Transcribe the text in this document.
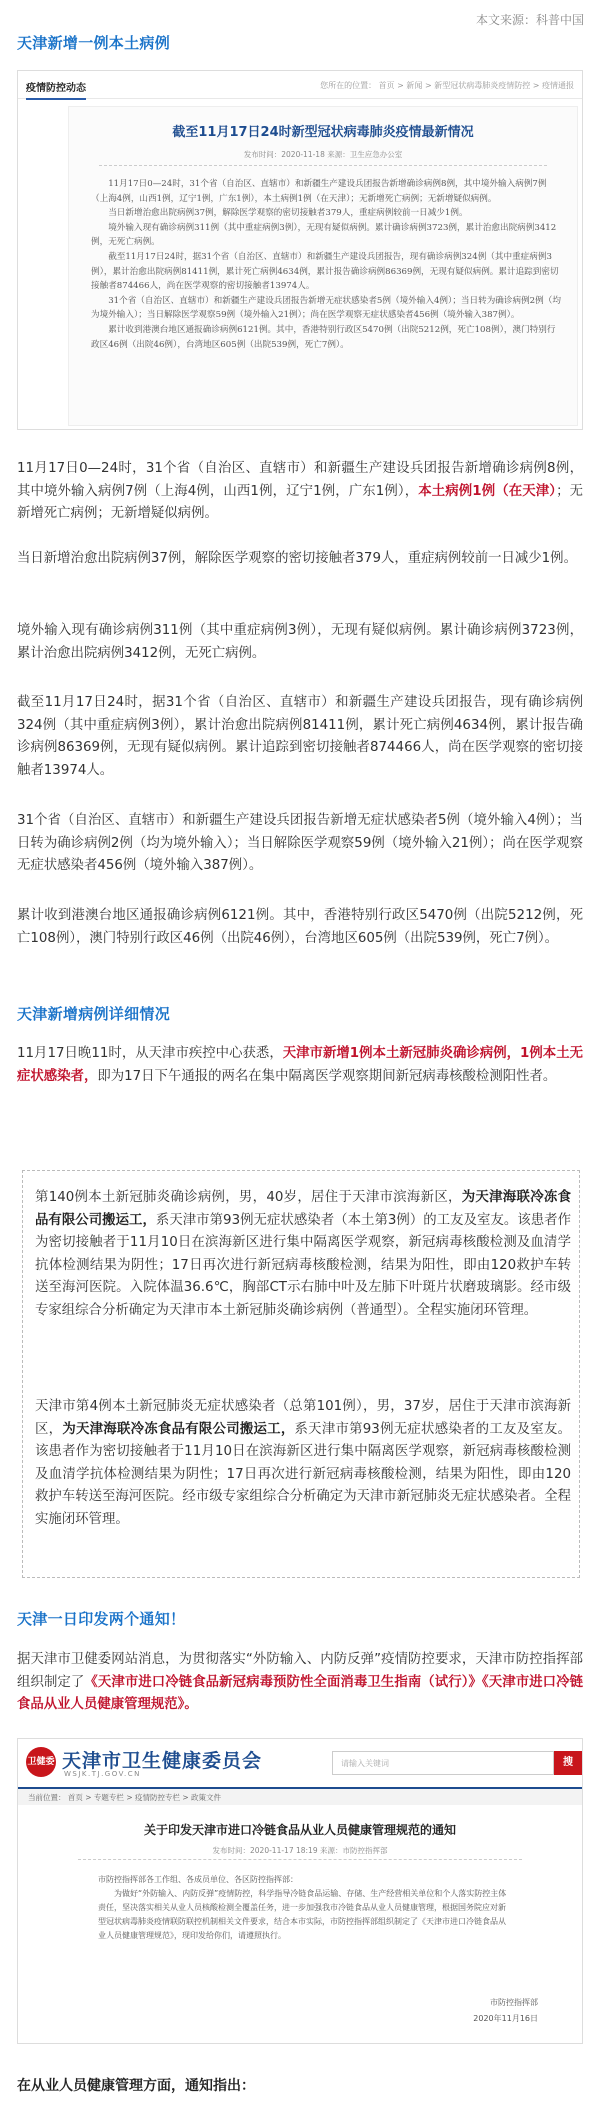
本文来源：科普中国
天津新增一例本土病例
疫情防控动态	您所在的位置： 首页 > 新闻 > 新型冠状病毒肺炎疫情防控 > 疫情通报
截至11月17日24时新型冠状病毒肺炎疫情最新情况
发布时间：2020-11-18 来源：卫生应急办公室

11月17日0—24时，31个省（自治区、直辖市）和新疆生产建设兵团报告新增确诊病例8例，其中境外输入病例7例（上海4例，山西1例，辽宁1例，广东1例），本土病例1例（在天津）；无新增死亡病例；无新增疑似病例。

当日新增治愈出院病例37例，解除医学观察的密切接触者379人，重症病例较前一日减少1例。

境外输入现有确诊病例311例（其中重症病例3例），无现有疑似病例。累计确诊病例3723例，累计治愈出院病例3412例，无死亡病例。

截至11月17日24时，据31个省（自治区、直辖市）和新疆生产建设兵团报告，现有确诊病例324例（其中重症病例3例），累计治愈出院病例81411例，累计死亡病例4634例，累计报告确诊病例86369例，无现有疑似病例。累计追踪到密切接触者874466人，尚在医学观察的密切接触者13974人。

31个省（自治区、直辖市）和新疆生产建设兵团报告新增无症状感染者5例（境外输入4例）；当日转为确诊病例2例（均为境外输入）；当日解除医学观察59例（境外输入21例）；尚在医学观察无症状感染者456例（境外输入387例）。

累计收到港澳台地区通报确诊病例6121例。其中，香港特别行政区5470例（出院5212例，死亡108例），澳门特别行政区46例（出院46例），台湾地区605例（出院539例，死亡7例）。

11月17日0—24时，31个省（自治区、直辖市）和新疆生产建设兵团报告新增确诊病例8例，其中境外输入病例7例（上海4例，山西1例，辽宁1例，广东1例），本土病例1例（在天津）；无新增死亡病例；无新增疑似病例。
当日新增治愈出院病例37例，解除医学观察的密切接触者379人，重症病例较前一日减少1例。
境外输入现有确诊病例311例（其中重症病例3例），无现有疑似病例。累计确诊病例3723例，累计治愈出院病例3412例，无死亡病例。
截至11月17日24时，据31个省（自治区、直辖市）和新疆生产建设兵团报告，现有确诊病例324例（其中重症病例3例），累计治愈出院病例81411例，累计死亡病例4634例，累计报告确诊病例86369例，无现有疑似病例。累计追踪到密切接触者874466人，尚在医学观察的密切接触者13974人。
31个省（自治区、直辖市）和新疆生产建设兵团报告新增无症状感染者5例（境外输入4例）；当日转为确诊病例2例（均为境外输入）；当日解除医学观察59例（境外输入21例）；尚在医学观察无症状感染者456例（境外输入387例）。
累计收到港澳台地区通报确诊病例6121例。其中，香港特别行政区5470例（出院5212例，死亡108例），澳门特别行政区46例（出院46例），台湾地区605例（出院539例，死亡7例）。
天津新增病例详细情况
11月17日晚11时，从天津市疾控中心获悉，天津市新增1例本土新冠肺炎确诊病例，1例本土无症状感染者，即为17日下午通报的两名在集中隔离医学观察期间新冠病毒核酸检测阳性者。
第140例本土新冠肺炎确诊病例，男，40岁，居住于天津市滨海新区，为天津海联冷冻食品有限公司搬运工，系天津市第93例无症状感染者（本土第3例）的工友及室友。该患者作为密切接触者于11月10日在滨海新区进行集中隔离医学观察，新冠病毒核酸检测及血清学抗体检测结果为阴性；17日再次进行新冠病毒核酸检测，结果为阳性，即由120救护车转送至海河医院。入院体温36.6℃，胸部CT示右肺中叶及左肺下叶斑片状磨玻璃影。经市级专家组综合分析确定为天津市本土新冠肺炎确诊病例（普通型）。全程实施闭环管理。
天津市第4例本土新冠肺炎无症状感染者（总第101例），男，37岁，居住于天津市滨海新区，为天津海联冷冻食品有限公司搬运工，系天津市第93例无症状感染者的工友及室友。该患者作为密切接触者于11月10日在滨海新区进行集中隔离医学观察，新冠病毒核酸检测及血清学抗体检测结果为阴性；17日再次进行新冠病毒核酸检测，结果为阳性，即由120救护车转送至海河医院。经市级专家组综合分析确定为天津市新冠肺炎无症状感染者。全程实施闭环管理。
天津一日印发两个通知！
据天津市卫健委网站消息，为贯彻落实“外防输入、内防反弹”疫情防控要求，天津市防控指挥部组织制定了《天津市进口冷链食品新冠病毒预防性全面消毒卫生指南（试行）》《天津市进口冷链食品从业人员健康管理规范》。
卫健委 天津市卫生健康委员会
WSJK.TJ.GOV.CN
请输入关键词	搜
当前位置： 首页 > 专题专栏 > 疫情防控专栏 > 政策文件
关于印发天津市进口冷链食品从业人员健康管理规范的通知
发布时间：2020-11-17 18:19 来源：市防控指挥部

市防控指挥部各工作组、各成员单位、各区防控指挥部：

为做好“外防输入、内防反弹”疫情防控，科学指导冷链食品运输、存储、生产经营相关单位和个人落实防控主体责任，坚决落实相关从业人员核酸检测全覆盖任务，进一步加强我市冷链食品从业人员健康管理，根据国务院应对新型冠状病毒肺炎疫情联防联控机制相关文件要求，结合本市实际，市防控指挥部组织制定了《天津市进口冷链食品从业人员健康管理规范》，现印发给你们，请遵照执行。

市防控指挥部
2020年11月16日
在从业人员健康管理方面，通知指出：
